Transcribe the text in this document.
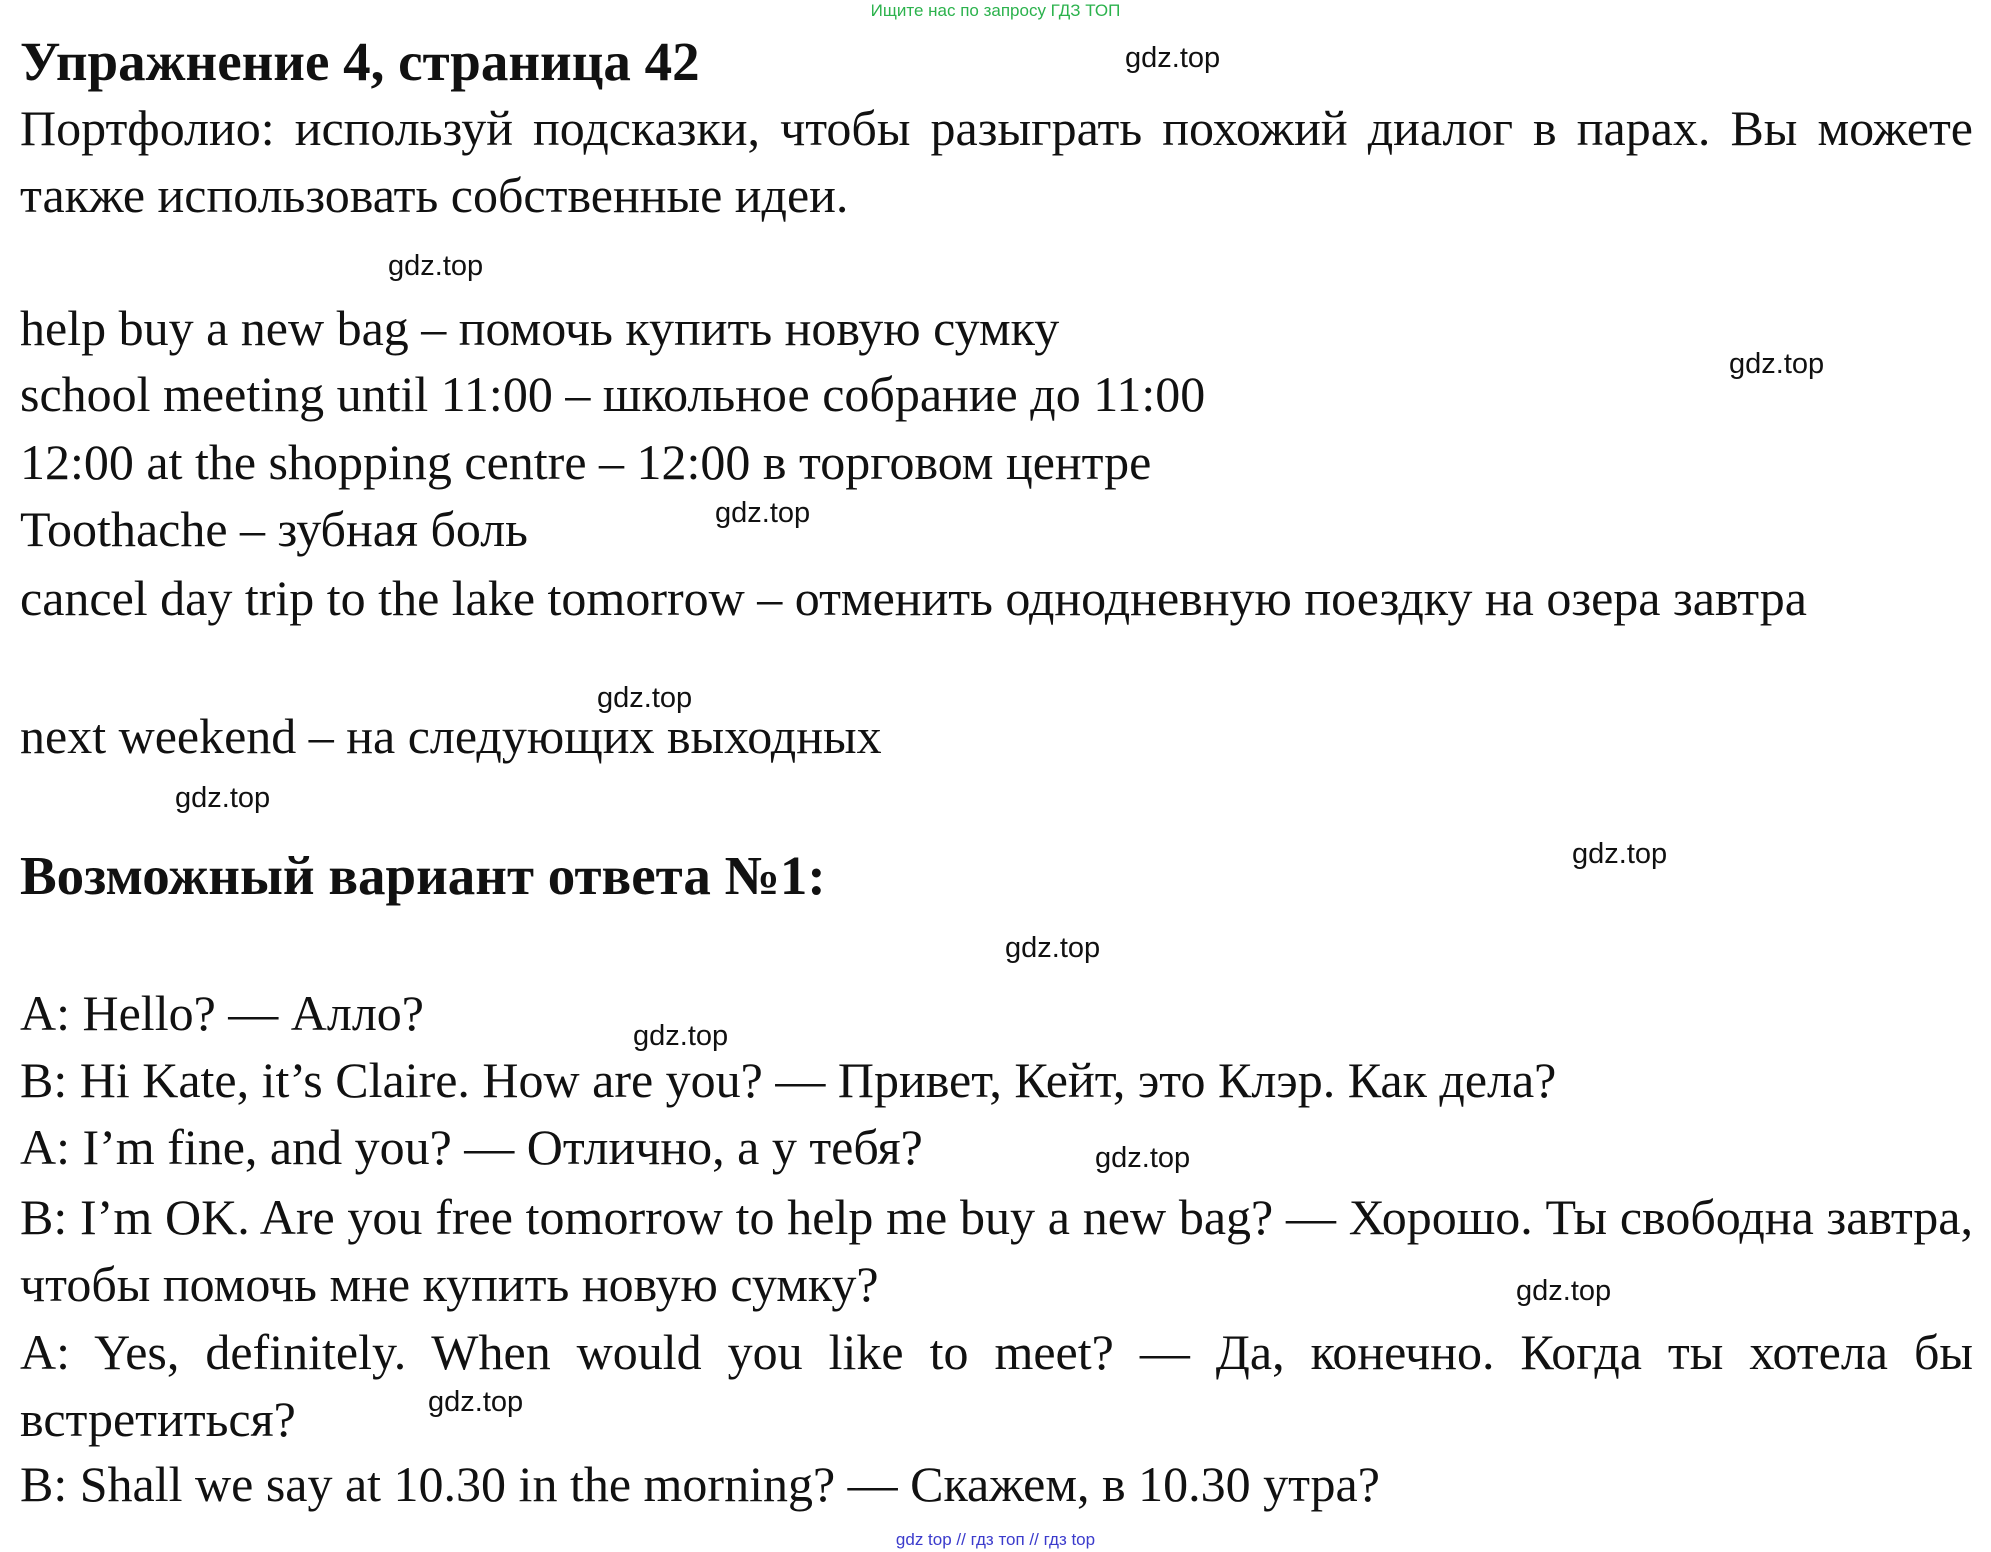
Ищите нас по запросу ГДЗ ТОП
Упражнение 4, страница 42
Портфолио: используй подсказки, чтобы разыграть похожий диалог в парах. Вы можете также использовать собственные идеи.
help buy a new bag – помочь купить новую сумку
school meeting until 11:00 – школьное собрание до 11:00
12:00 at the shopping centre – 12:00 в торговом центре
Toothache – зубная боль
cancel day trip to the lake tomorrow – отменить однодневную поездку на озера завтра
next weekend – на следующих выходных
Возможный вариант ответа №1:
A: Hello? — Алло?
B: Hi Kate, it’s Claire. How are you? — Привет, Кейт, это Клэр. Как дела?
A: I’m fine, and you? — Отлично, а у тебя?
B: I’m OK. Are you free tomorrow to help me buy a new bag? — Хорошо. Ты свободна завтра, чтобы помочь мне купить новую сумку?
A: Yes, definitely. When would you like to meet? — Да, конечно. Когда ты хотела бы встретиться?
B: Shall we say at 10.30 in the morning? — Скажем, в 10.30 утра?
gdz.top
gdz.top
gdz.top
gdz.top
gdz.top
gdz.top
gdz.top
gdz.top
gdz.top
gdz.top
gdz.top
gdz.top
gdz top // гдз топ // гдз top
